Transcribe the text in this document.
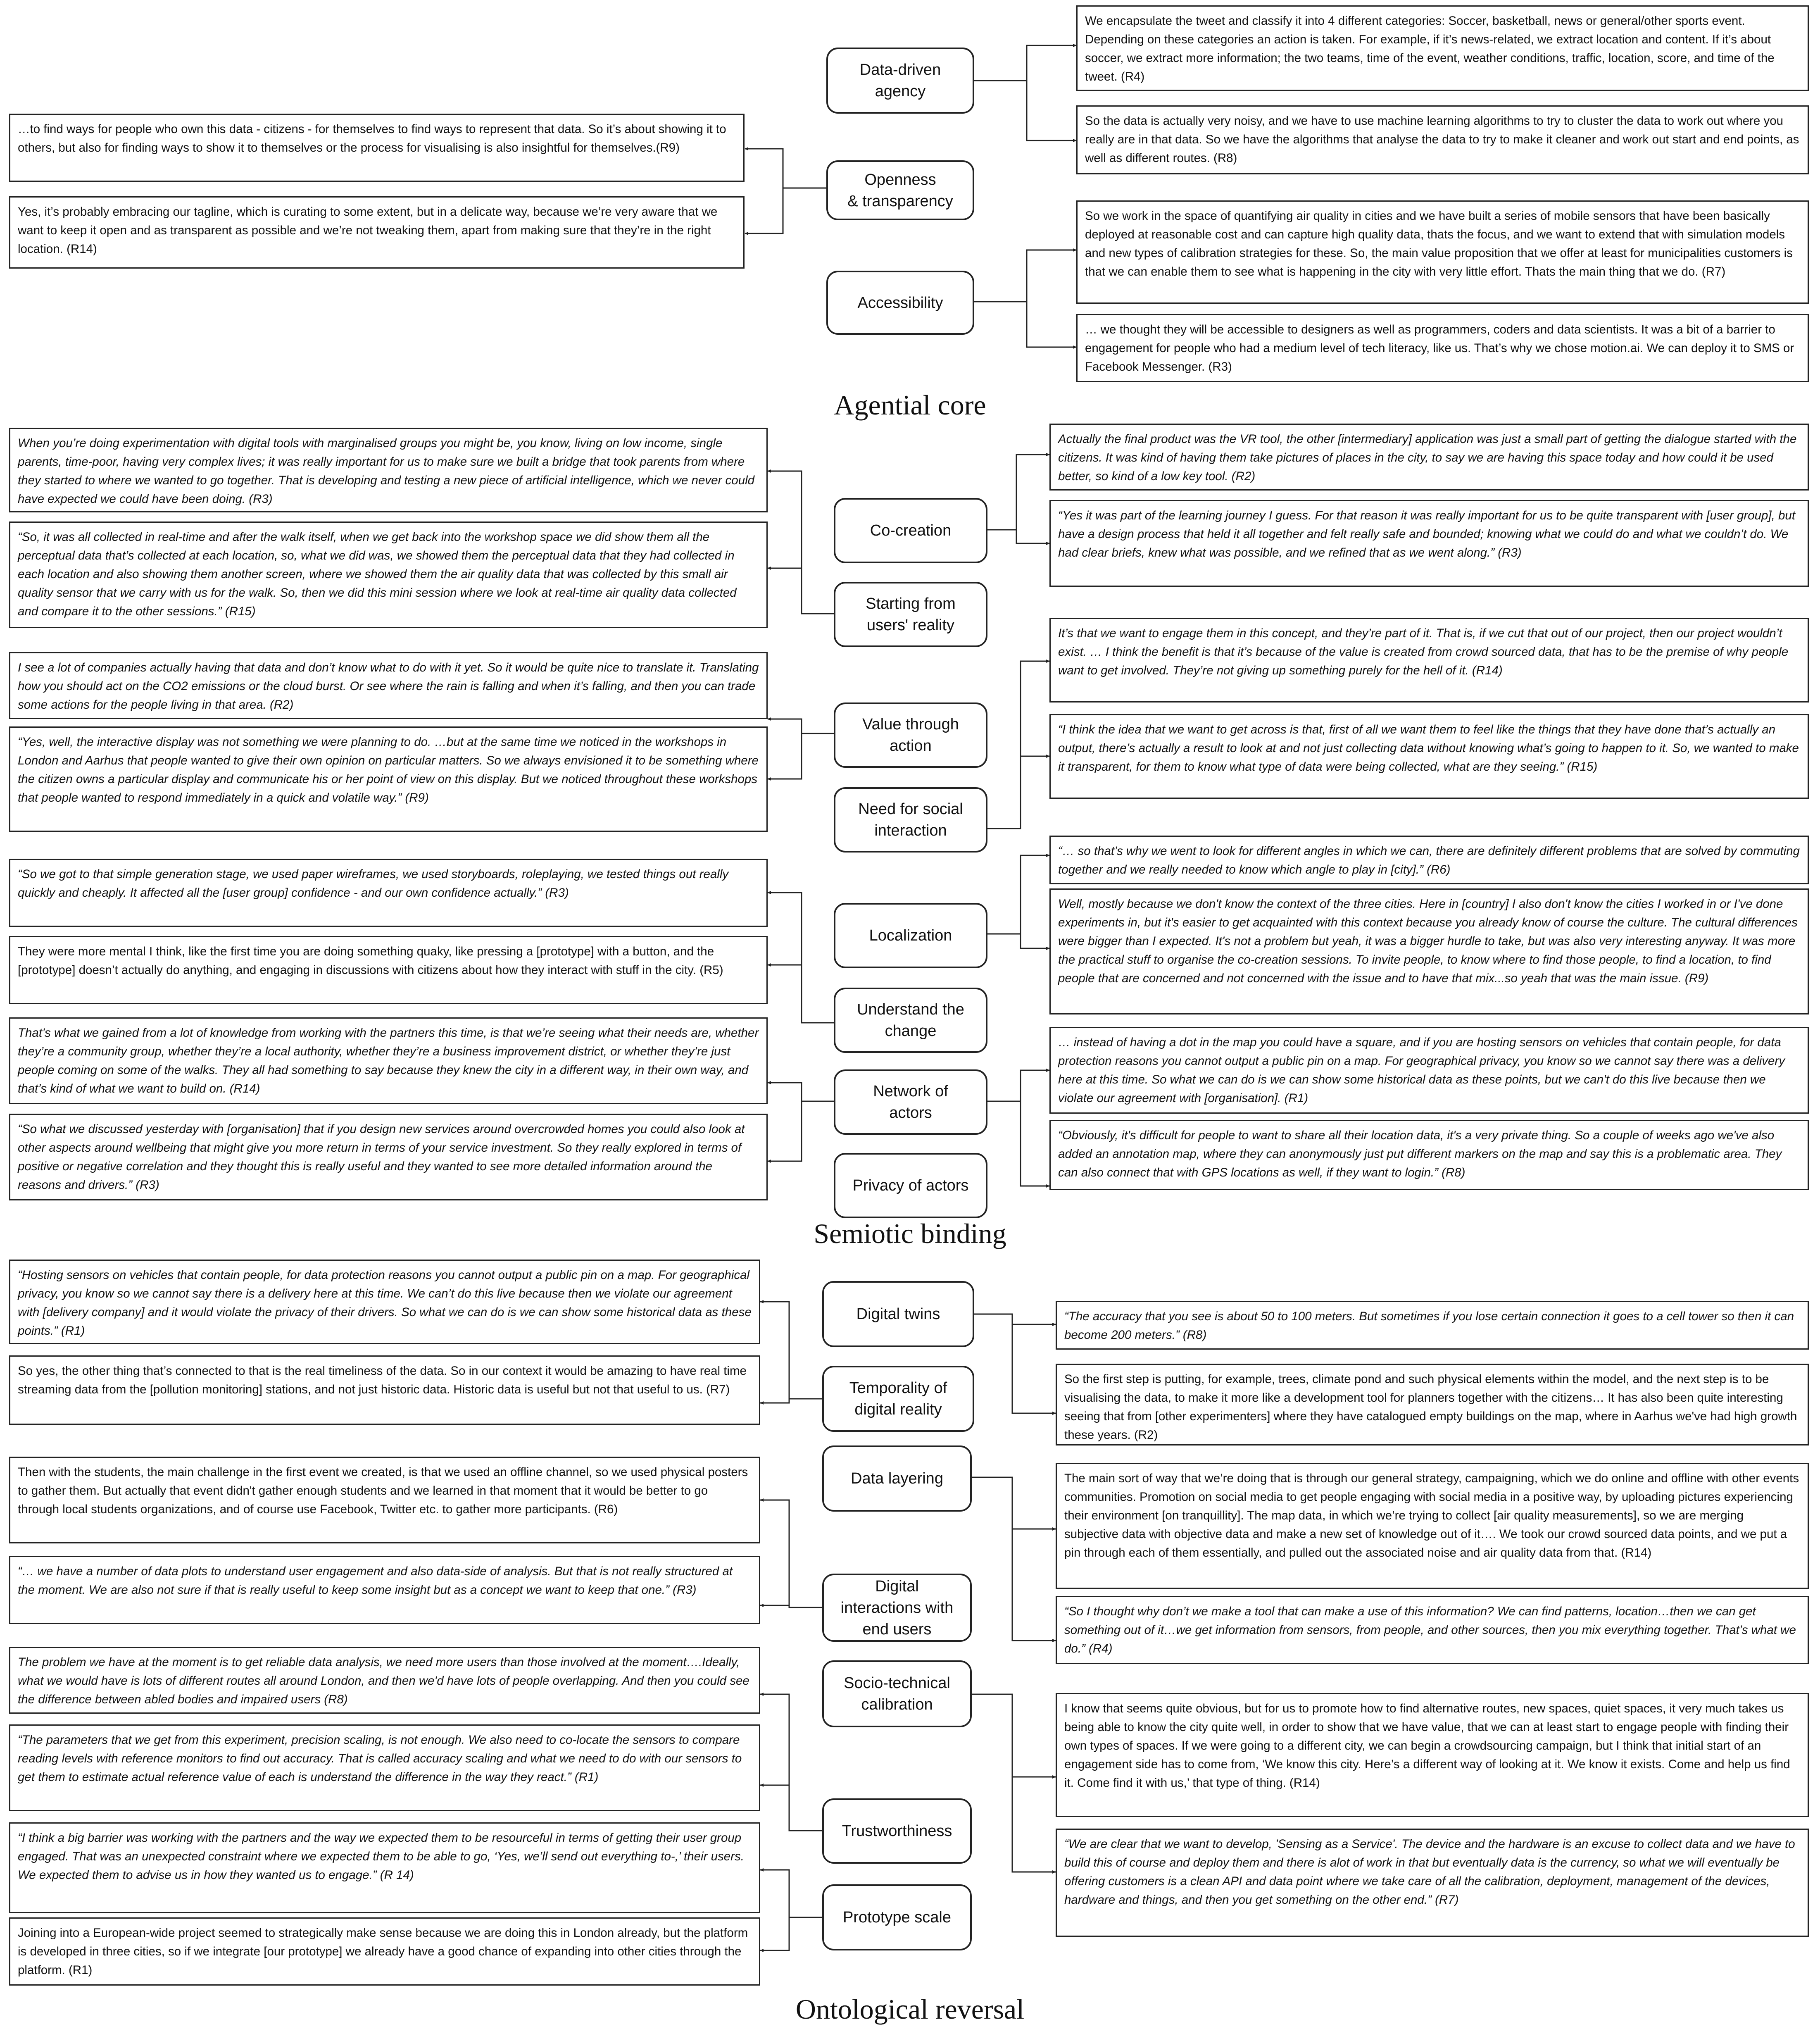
We encapsulate the tweet and classify it into 4 different categories: Soccer, basketball, news or general/other sports event. Depending on these categories an action is taken. For example, if it’s news-related, we extract location and content. If it’s about soccer, we extract more information; the two teams, time of the event, weather conditions, traffic, location, score, and time of the tweet. (R4)
So the data is actually very noisy, and we have to use machine learning algorithms to try to cluster the data to work out where you really are in that data. So we have the algorithms that analyse the data to try to make it cleaner and work out start and end points, as well as different routes. (R8)
…to find ways for people who own this data - citizens - for themselves to find ways to represent that data. So it’s about showing it to others, but also for finding ways to show it to themselves or the process for visualising is also insightful for themselves.(R9)
Yes, it’s probably embracing our tagline, which is curating to some extent, but in a delicate way, because we’re very aware that we want to keep it open and as transparent as possible and we’re not tweaking them, apart from making sure that they’re in the right location. (R14)
So we work in the space of quantifying air quality in cities and we have built a series of mobile sensors that have been basically deployed at reasonable cost and can capture high quality data, thats the focus, and we want to extend that with simulation models and new types of calibration strategies for these. So, the main value proposition that we offer at least for municipalities customers is that we can enable them to see what is happening in the city with very little effort. Thats the main thing that we do. (R7)
… we thought they will be accessible to designers as well as programmers, coders and data scientists. It was a bit of a barrier to engagement for people who had a medium level of tech literacy, like us. That’s why we chose motion.ai. We can deploy it to SMS or Facebook Messenger. (R3)
Data-driven
agency
Openness
& transparency
Accessibility
Agential core
When you’re doing experimentation with digital tools with marginalised groups you might be, you know, living on low income, single parents, time-poor, having very complex lives; it was really important for us to make sure we built a bridge that took parents from where they started to where we wanted to go together. That is developing and testing a new piece of artificial intelligence, which we never could have expected we could have been doing. (R3)
“So, it was all collected in real-time and after the walk itself, when we get back into the workshop space we did show them all the perceptual data that’s collected at each location, so, what we did was, we showed them the perceptual data that they had collected in each location and also showing them another screen, where we showed them the air quality data that was collected by this small air quality sensor that we carry with us for the walk. So, then we did this mini session where we look at real-time air quality data collected and compare it to the other sessions.” (R15)
I see a lot of companies actually having that data and don’t know what to do with it yet. So it would be quite nice to translate it. Translating how you should act on the CO2 emissions or the cloud burst. Or see where the rain is falling and when it’s falling, and then you can trade some actions for the people living in that area. (R2)
“Yes, well, the interactive display was not something we were planning to do. …but at the same time we noticed in the workshops in London and Aarhus that people wanted to give their own opinion on particular matters. So we always envisioned it to be something where the citizen owns a particular display and communicate his or her point of view on this display. But we noticed throughout these workshops that people wanted to respond immediately in a quick and volatile way.” (R9)
“So we got to that simple generation stage, we used paper wireframes, we used storyboards, roleplaying, we tested things out really quickly and cheaply. It affected all the [user group] confidence - and our own confidence actually.” (R3)
They were more mental I think, like the first time you are doing something quaky, like pressing a [prototype] with a button, and the [prototype] doesn’t actually do anything, and engaging in discussions with citizens about how they interact with stuff in the city. (R5)
That’s what we gained from a lot of knowledge from working with the partners this time, is that we’re seeing what their needs are, whether they’re a community group, whether they’re a local authority, whether they’re a business improvement district, or whether they’re just people coming on some of the walks. They all had something to say because they knew the city in a different way, in their own way, and that’s kind of what we want to build on. (R14)
“So what we discussed yesterday with [organisation] that if you design new services around overcrowded homes you could also look at other aspects around wellbeing that might give you more return in terms of your service investment. So they really explored in terms of positive or negative correlation and they thought this is really useful and they wanted to see more detailed information around the reasons and drivers.” (R3)
Actually the final product was the VR tool, the other [intermediary] application was just a small part of getting the dialogue started with the citizens. It was kind of having them take pictures of places in the city, to say we are having this space today and how could it be used better, so kind of a low key tool. (R2)
“Yes it was part of the learning journey I guess. For that reason it was really important for us to be quite transparent with [user group], but have a design process that held it all together and felt really safe and bounded; knowing what we could do and what we couldn’t do. We had clear briefs, knew what was possible, and we refined that as we went along.” (R3)
It’s that we want to engage them in this concept, and they’re part of it. That is, if we cut that out of our project, then our project wouldn’t exist. … I think the benefit is that it’s because of the value is created from crowd sourced data, that has to be the premise of why people want to get involved. They’re not giving up something purely for the hell of it. (R14)
“I think the idea that we want to get across is that, first of all we want them to feel like the things that they have done that’s actually an output, there’s actually a result to look at and not just collecting data without knowing what’s going to happen to it. So, we wanted to make it transparent, for them to know what type of data were being collected, what are they seeing.” (R15)
“… so that’s why we went to look for different angles in which we can, there are definitely different problems that are solved by commuting together and we really needed to know which angle to play in [city].” (R6)
Well, mostly because we don't know the context of the three cities. Here in [country] I also don't know the cities I worked in or I've done experiments in, but it's easier to get acquainted with this context because you already know of course the culture. The cultural differences were bigger than I expected. It's not a problem but yeah, it was a bigger hurdle to take, but was also very interesting anyway. It was more the practical stuff to organise the co-creation sessions. To invite people, to know where to find those people, to find a location, to find people that are concerned and not concerned with the issue and to have that mix...so yeah that was the main issue. (R9)
… instead of having a dot in the map you could have a square, and if you are hosting sensors on vehicles that contain people, for data protection reasons you cannot output a public pin on a map. For geographical privacy, you know so we cannot say there was a delivery here at this time. So what we can do is we can show some historical data as these points, but we can't do this live because then we violate our agreement with [organisation]. (R1)
“Obviously, it's difficult for people to want to share all their location data, it's a very private thing. So a couple of weeks ago we've also added an annotation map, where they can anonymously just put different markers on the map and say this is a problematic area. They can also connect that with GPS locations as well, if they want to login.” (R8)
Co-creation
Starting from
users' reality
Value through
action
Need for social
interaction
Localization
Understand the
change
Network of
actors
Privacy of actors
Semiotic binding
“Hosting sensors on vehicles that contain people, for data protection reasons you cannot output a public pin on a map. For geographical privacy, you know so we cannot say there is a delivery here at this time. We can’t do this live because then we violate our agreement with [delivery company] and it would violate the privacy of their drivers. So what we can do is we can show some historical data as these points.” (R1)
So yes, the other thing that’s connected to that is the real timeliness of the data. So in our context it would be amazing to have real time streaming data from the [pollution monitoring] stations, and not just historic data. Historic data is useful but not that useful to us. (R7)
Then with the students, the main challenge in the first event we created, is that we used an offline channel, so we used physical posters to gather them. But actually that event didn't gather enough students and we learned in that moment that it would be better to go through local students organizations, and of course use Facebook, Twitter etc. to gather more participants. (R6)
“… we have a number of data plots to understand user engagement and also data-side of analysis. But that is not really structured at the moment. We are also not sure if that is really useful to keep some insight but as a concept we want to keep that one.” (R3)
The problem we have at the moment is to get reliable data analysis, we need more users than those involved at the moment….Ideally, what we would have is lots of different routes all around London, and then we'd have lots of people overlapping. And then you could see the difference between abled bodies and impaired users (R8)
“The parameters that we get from this experiment, precision scaling, is not enough. We also need to co-locate the sensors to compare reading levels with reference monitors to find out accuracy. That is called accuracy scaling and what we need to do with our sensors to get them to estimate actual reference value of each is understand the difference in the way they react.” (R1)
“I think a big barrier was working with the partners and the way we expected them to be resourceful in terms of getting their user group engaged. That was an unexpected constraint where we expected them to be able to go, ‘Yes, we’ll send out everything to-,’ their users. We expected them to advise us in how they wanted us to engage.” (R 14)
Joining into a European-wide project seemed to strategically make sense because we are doing this in London already, but the platform is developed in three cities, so if we integrate [our prototype] we already have a good chance of expanding into other cities through the platform. (R1)
“The accuracy that you see is about 50 to 100 meters. But sometimes if you lose certain connection it goes to a cell tower so then it can become 200 meters.” (R8)
So the first step is putting, for example, trees, climate pond and such physical elements within the model, and the next step is to be visualising the data, to make it more like a development tool for planners together with the citizens… It has also been quite interesting seeing that from [other experimenters] where they have catalogued empty buildings on the map, where in Aarhus we've had high growth these years. (R2)
The main sort of way that we’re doing that is through our general strategy, campaigning, which we do online and offline with other events communities. Promotion on social media to get people engaging with social media in a positive way, by uploading pictures experiencing their environment [on tranquillity]. The map data, in which we’re trying to collect [air quality measurements], so we are merging subjective data with objective data and make a new set of knowledge out of it…. We took our crowd sourced data points, and we put a pin through each of them essentially, and pulled out the associated noise and air quality data from that. (R14)
“So I thought why don’t we make a tool that can make a use of this information? We can find patterns, location…then we can get something out of it…we get information from sensors, from people, and other sources, then you mix everything together. That’s what we do.” (R4)
I know that seems quite obvious, but for us to promote how to find alternative routes, new spaces, quiet spaces, it very much takes us being able to know the city quite well, in order to show that we have value, that we can at least start to engage people with finding their own types of spaces. If we were going to a different city, we can begin a crowdsourcing campaign, but I think that initial start of an engagement side has to come from, ‘We know this city. Here’s a different way of looking at it. We know it exists. Come and help us find it. Come find it with us,’ that type of thing. (R14)
“We are clear that we want to develop, 'Sensing as a Service'. The device and the hardware is an excuse to collect data and we have to build this of course and deploy them and there is alot of work in that but eventually data is the currency, so what we will eventually be offering customers is a clean API and data point where we take care of all the calibration, deployment, management of the devices, hardware and things, and then you get something on the other end.” (R7)
Digital twins
Temporality of
digital reality
Data layering
Digital
interactions with
end users
Socio-technical
calibration
Trustworthiness
Prototype scale
Ontological reversal
